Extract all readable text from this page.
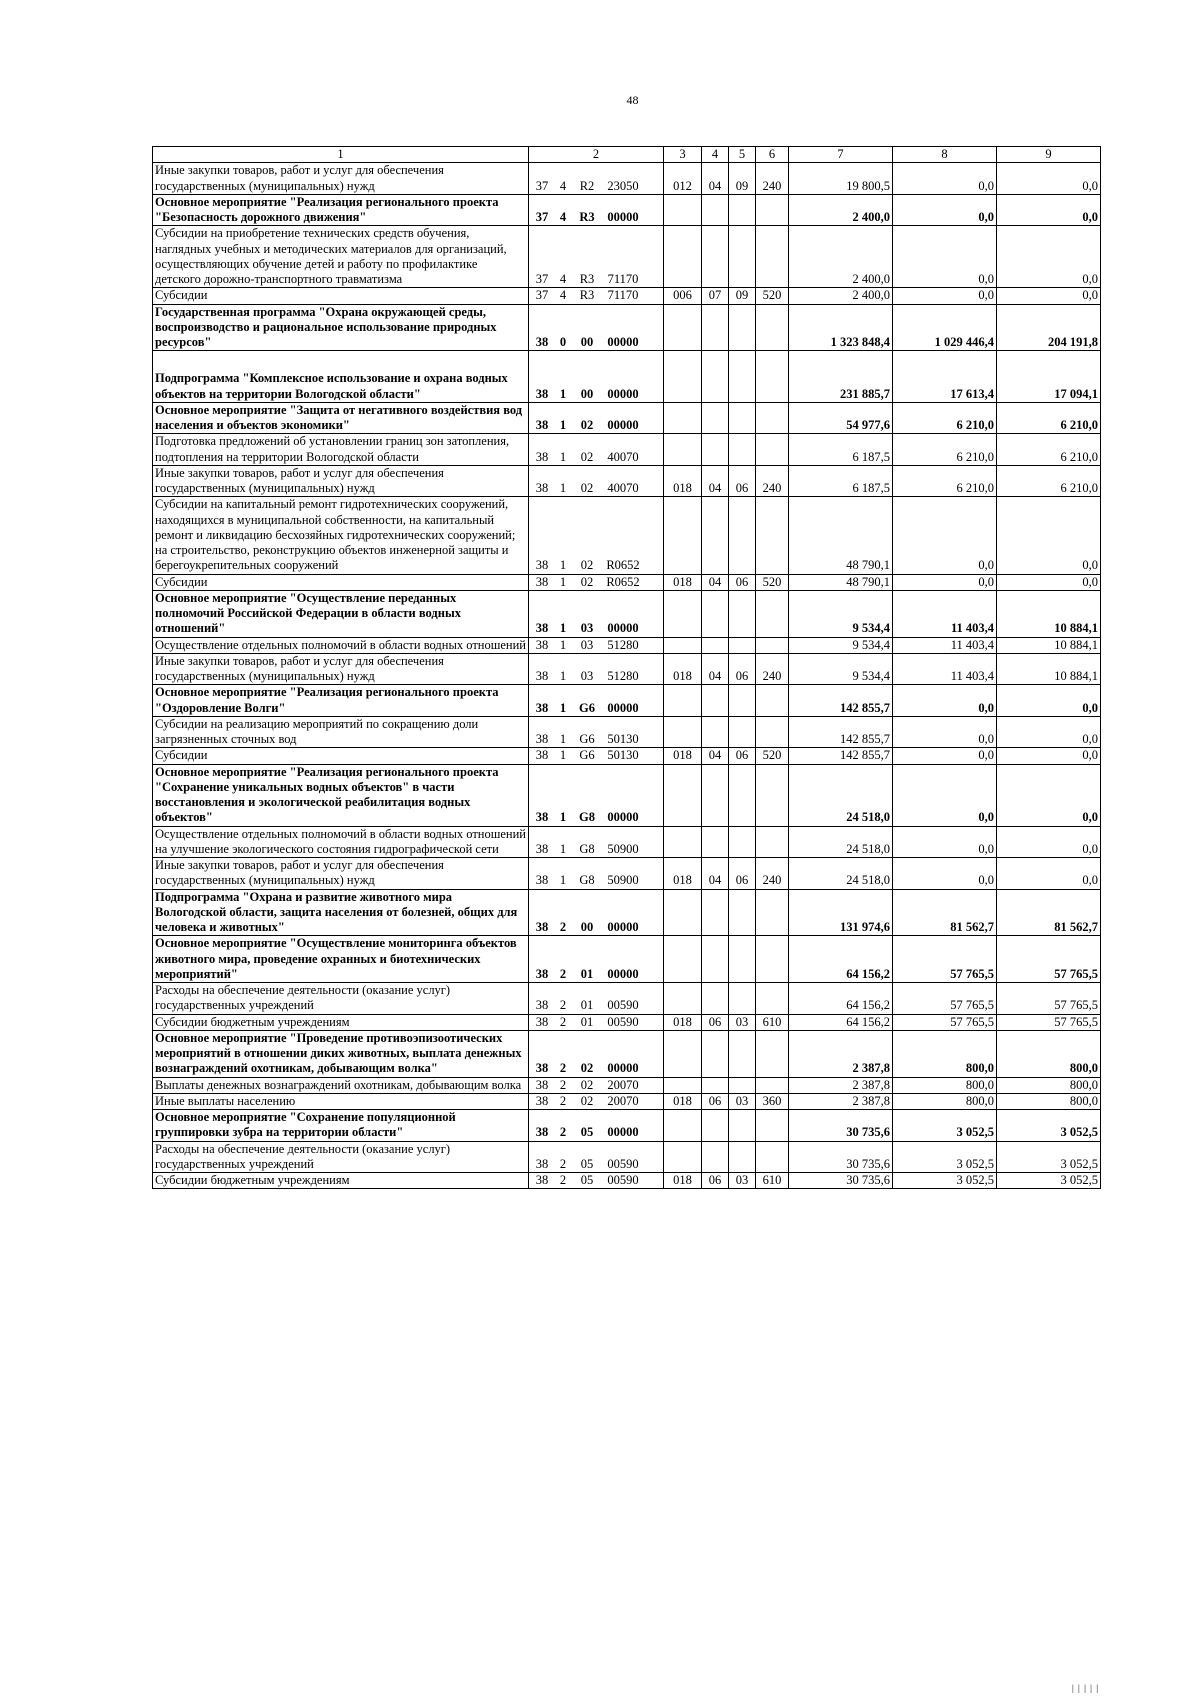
48
1	2	3	4	5	6	7	8	9
Иные закупки товаров, работ и услуг для обеспечения государственных (муниципальных) нужд	37 4 R2 23050	012	04	09	240	19 800,5	0,0	0,0
Основное мероприятие "Реализация регионального проекта "Безопасность дорожного движения"	37 4 R3 00000					2 400,0	0,0	0,0
Субсидии на приобретение технических средств обучения, наглядных учебных и методических материалов для организаций, осуществляющих обучение детей и работу по профилактике детского дорожно-транспортного травматизма	37 4 R3 71170					2 400,0	0,0	0,0
Субсидии	37 4 R3 71170	006	07	09	520	2 400,0	0,0	0,0
Государственная программа "Охрана окружающей среды, воспроизводство и рациональное использование природных ресурсов"	38 0 00 00000					1 323 848,4	1 029 446,4	204 191,8
Подпрограмма "Комплексное использование и охрана водных объектов на территории Вологодской области"	38 1 00 00000					231 885,7	17 613,4	17 094,1
Основное мероприятие "Защита от негативного воздействия вод населения и объектов экономики"	38 1 02 00000					54 977,6	6 210,0	6 210,0
Подготовка предложений об установлении границ зон затопления, подтопления на территории Вологодской области	38 1 02 40070					6 187,5	6 210,0	6 210,0
Иные закупки товаров, работ и услуг для обеспечения государственных (муниципальных) нужд	38 1 02 40070	018	04	06	240	6 187,5	6 210,0	6 210,0
Субсидии на капитальный ремонт гидротехнических сооружений, находящихся в муниципальной собственности, на капитальный ремонт и ликвидацию бесхозяйных гидротехнических сооружений; на строительство, реконструкцию объектов инженерной защиты и берегоукрепительных сооружений	38 1 02 R0652					48 790,1	0,0	0,0
Субсидии	38 1 02 R0652	018	04	06	520	48 790,1	0,0	0,0
Основное мероприятие "Осуществление переданных полномочий Российской Федерации в области водных отношений"	38 1 03 00000					9 534,4	11 403,4	10 884,1
Осуществление отдельных полномочий в области водных отношений	38 1 03 51280					9 534,4	11 403,4	10 884,1
Иные закупки товаров, работ и услуг для обеспечения государственных (муниципальных) нужд	38 1 03 51280	018	04	06	240	9 534,4	11 403,4	10 884,1
Основное мероприятие "Реализация регионального проекта "Оздоровление Волги"	38 1 G6 00000					142 855,7	0,0	0,0
Субсидии на реализацию мероприятий по сокращению доли загрязненных сточных вод	38 1 G6 50130					142 855,7	0,0	0,0
Субсидии	38 1 G6 50130	018	04	06	520	142 855,7	0,0	0,0
Основное мероприятие "Реализация регионального проекта "Сохранение уникальных водных объектов" в части восстановления и экологической реабилитация водных объектов"	38 1 G8 00000					24 518,0	0,0	0,0
Осуществление отдельных полномочий в области водных отношений на улучшение экологического состояния гидрографической сети	38 1 G8 50900					24 518,0	0,0	0,0
Иные закупки товаров, работ и услуг для обеспечения государственных (муниципальных) нужд	38 1 G8 50900	018	04	06	240	24 518,0	0,0	0,0
Подпрограмма "Охрана и развитие животного мира Вологодской области, защита населения от болезней, общих для человека и животных"	38 2 00 00000					131 974,6	81 562,7	81 562,7
Основное мероприятие "Осуществление мониторинга объектов животного мира, проведение охранных и биотехнических мероприятий"	38 2 01 00000					64 156,2	57 765,5	57 765,5
Расходы на обеспечение деятельности (оказание услуг) государственных учреждений	38 2 01 00590					64 156,2	57 765,5	57 765,5
Субсидии бюджетным учреждениям	38 2 01 00590	018	06	03	610	64 156,2	57 765,5	57 765,5
Основное мероприятие "Проведение противоэпизоотических мероприятий в отношении диких животных, выплата денежных вознаграждений охотникам, добывающим волка"	38 2 02 00000					2 387,8	800,0	800,0
Выплаты денежных вознаграждений охотникам, добывающим волка	38 2 02 20070					2 387,8	800,0	800,0
Иные выплаты населению	38 2 02 20070	018	06	03	360	2 387,8	800,0	800,0
Основное мероприятие "Сохранение популяционной группировки зубра на территории области"	38 2 05 00000					30 735,6	3 052,5	3 052,5
Расходы на обеспечение деятельности (оказание услуг) государственных учреждений	38 2 05 00590					30 735,6	3 052,5	3 052,5
Субсидии бюджетным учреждениям	38 2 05 00590	018	06	03	610	30 735,6	3 052,5	3 052,5
| | | | |
